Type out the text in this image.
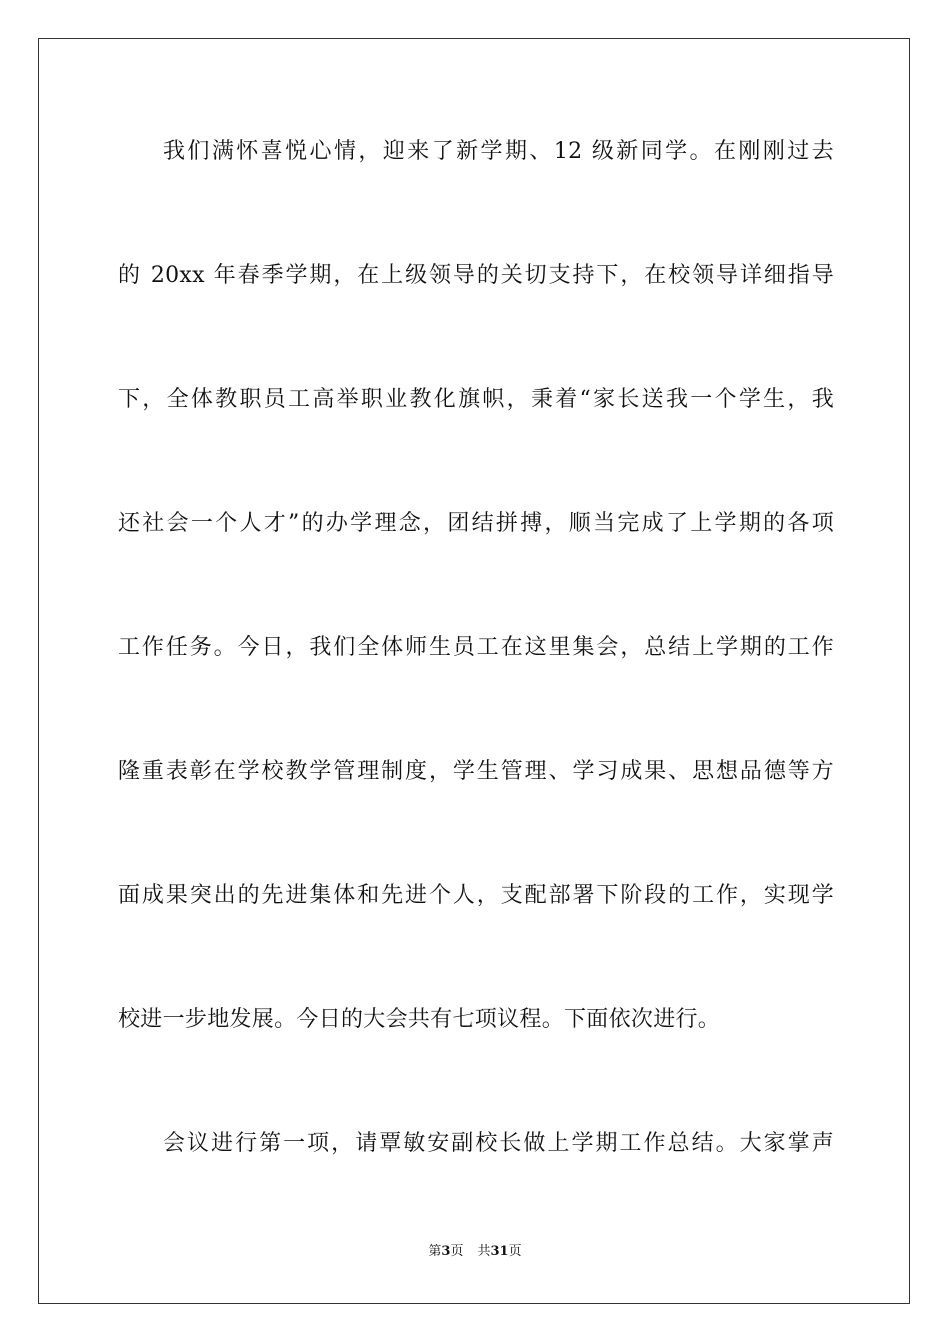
我们满怀喜悦心情，迎来了新学期、12 级新同学。在刚刚过去
的 20xx 年春季学期，在上级领导的关切支持下，在校领导详细指导
下，全体教职员工高举职业教化旗帜，秉着“家长送我一个学生，我
还社会一个人才”的办学理念，团结拼搏，顺当完成了上学期的各项
工作任务。今日，我们全体师生员工在这里集会，总结上学期的工作
隆重表彰在学校教学管理制度，学生管理、学习成果、思想品德等方
面成果突出的先进集体和先进个人，支配部署下阶段的工作，实现学
校进一步地发展。今日的大会共有七项议程。下面依次进行。
会议进行第一项，请覃敏安副校长做上学期工作总结。大家掌声
第3页 共31页
